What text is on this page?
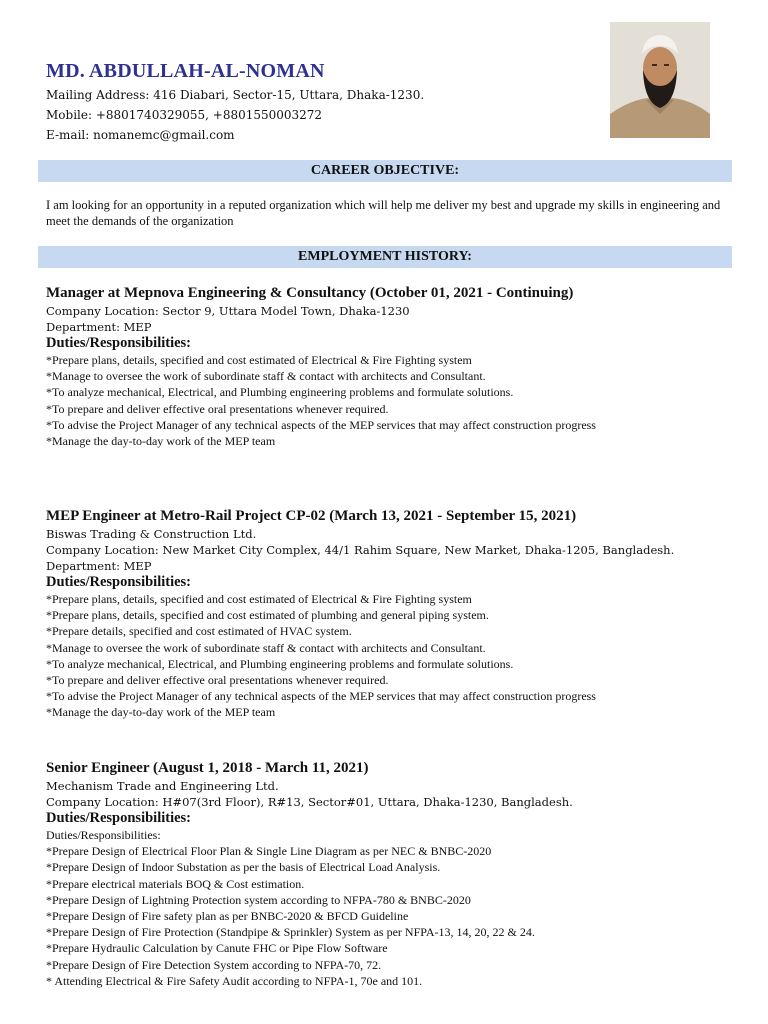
MD. ABDULLAH-AL-NOMAN
Mailing Address: 416 Diabari, Sector-15, Uttara, Dhaka-1230.
Mobile: +8801740329055, +8801550003272
E-mail: nomanemc@gmail.com
CAREER OBJECTIVE:
I am looking for an opportunity in a reputed organization which will help me deliver my best and upgrade my skills in engineering and meet the demands of the organization
EMPLOYMENT HISTORY:
Manager at Mepnova Engineering & Consultancy (October 01, 2021 - Continuing)
Company Location: Sector 9, Uttara Model Town, Dhaka-1230
Department: MEP
Duties/Responsibilities:
*Prepare plans, details, specified and cost estimated of Electrical & Fire Fighting system
*Manage to oversee the work of subordinate staff & contact with architects and Consultant.
*To analyze mechanical, Electrical, and Plumbing engineering problems and formulate solutions.
*To prepare and deliver effective oral presentations whenever required.
*To advise the Project Manager of any technical aspects of the MEP services that may affect construction progress
*Manage the day-to-day work of the MEP team
MEP Engineer at Metro-Rail Project CP-02 (March 13, 2021 - September 15, 2021)
Biswas Trading & Construction Ltd.
Company Location: New Market City Complex, 44/1 Rahim Square, New Market, Dhaka-1205, Bangladesh.
Department: MEP
Duties/Responsibilities:
*Prepare plans, details, specified and cost estimated of Electrical & Fire Fighting system
*Prepare plans, details, specified and cost estimated of plumbing and general piping system.
*Prepare details, specified and cost estimated of HVAC system.
*Manage to oversee the work of subordinate staff & contact with architects and Consultant.
*To analyze mechanical, Electrical, and Plumbing engineering problems and formulate solutions.
*To prepare and deliver effective oral presentations whenever required.
*To advise the Project Manager of any technical aspects of the MEP services that may affect construction progress
*Manage the day-to-day work of the MEP team
Senior Engineer (August 1, 2018 - March 11, 2021)
Mechanism Trade and Engineering Ltd.
Company Location: H#07(3rd Floor), R#13, Sector#01, Uttara, Dhaka-1230, Bangladesh.
Duties/Responsibilities:
Duties/Responsibilities:
*Prepare Design of Electrical Floor Plan & Single Line Diagram as per NEC & BNBC-2020
*Prepare Design of Indoor Substation as per the basis of Electrical Load Analysis.
*Prepare electrical materials BOQ & Cost estimation.
*Prepare Design of Lightning Protection system according to NFPA-780 & BNBC-2020
*Prepare Design of Fire safety plan as per BNBC-2020 & BFCD Guideline
*Prepare Design of Fire Protection (Standpipe & Sprinkler) System as per NFPA-13, 14, 20, 22 & 24.
*Prepare Hydraulic Calculation by Canute FHC or Pipe Flow Software
*Prepare Design of Fire Detection System according to NFPA-70, 72.
* Attending Electrical & Fire Safety Audit according to NFPA-1, 70e and 101.
